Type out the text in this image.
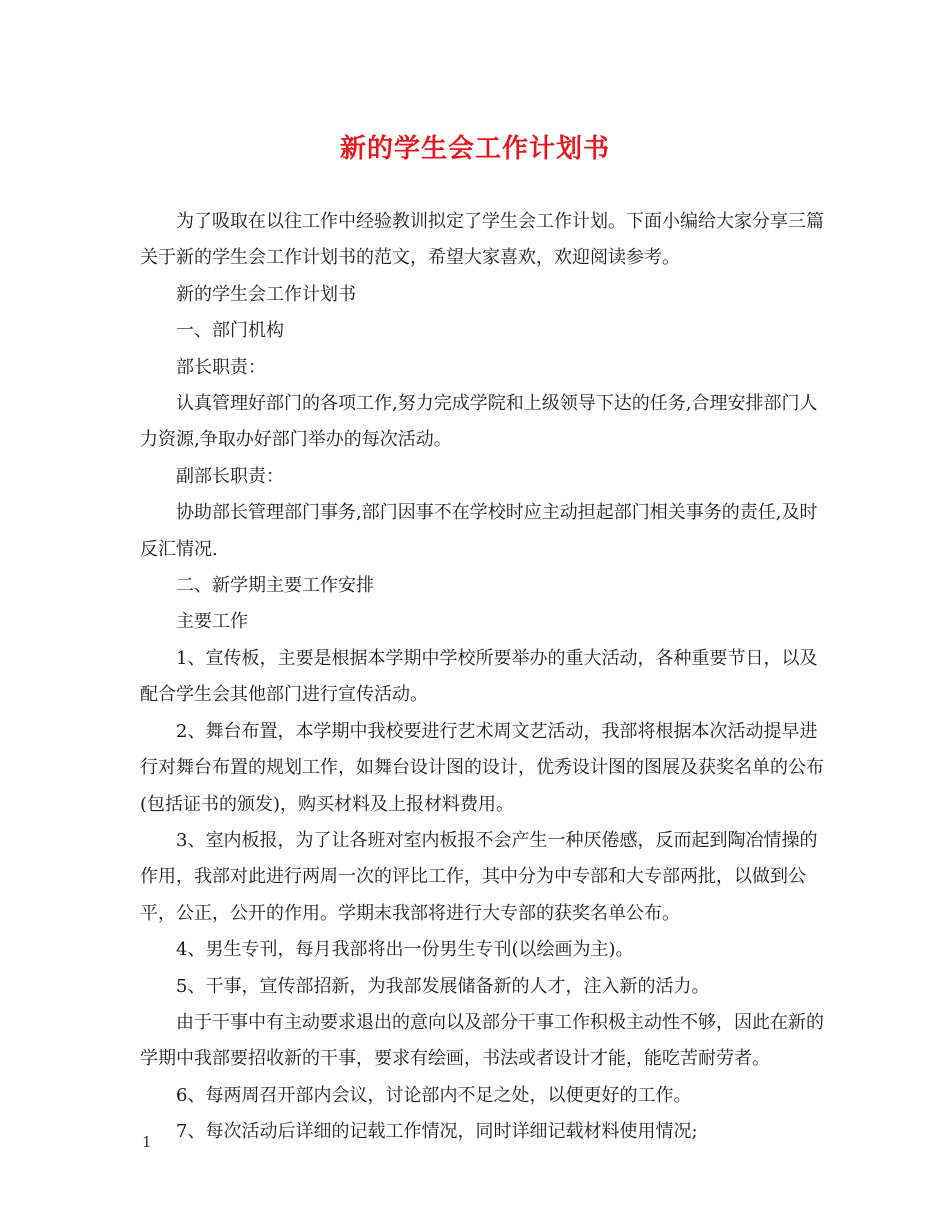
新的学生会工作计划书

为了吸取在以往工作中经验教训拟定了学生会工作计划。下面小编给大家分享三篇关于新的学生会工作计划书的范文，希望大家喜欢，欢迎阅读参考。

新的学生会工作计划书

一、部门机构

部长职责：

认真管理好部门的各项工作,努力完成学院和上级领导下达的任务,合理安排部门人力资源,争取办好部门举办的每次活动。

副部长职责：

协助部长管理部门事务,部门因事不在学校时应主动担起部门相关事务的责任,及时反汇情况.

二、新学期主要工作安排

主要工作

1、宣传板，主要是根据本学期中学校所要举办的重大活动，各种重要节日，以及配合学生会其他部门进行宣传活动。

2、舞台布置，本学期中我校要进行艺术周文艺活动，我部将根据本次活动提早进行对舞台布置的规划工作，如舞台设计图的设计，优秀设计图的图展及获奖名单的公布(包括证书的颁发)，购买材料及上报材料费用。

3、室内板报，为了让各班对室内板报不会产生一种厌倦感，反而起到陶冶情操的作用，我部对此进行两周一次的评比工作，其中分为中专部和大专部两批，以做到公平，公正，公开的作用。学期末我部将进行大专部的获奖名单公布。

4、男生专刊，每月我部将出一份男生专刊(以绘画为主)。

5、干事，宣传部招新，为我部发展储备新的人才，注入新的活力。

由于干事中有主动要求退出的意向以及部分干事工作积极主动性不够，因此在新的学期中我部要招收新的干事，要求有绘画，书法或者设计才能，能吃苦耐劳者。

6、每两周召开部内会议，讨论部内不足之处，以便更好的工作。

7、每次活动后详细的记载工作情况，同时详细记载材料使用情况;

1
